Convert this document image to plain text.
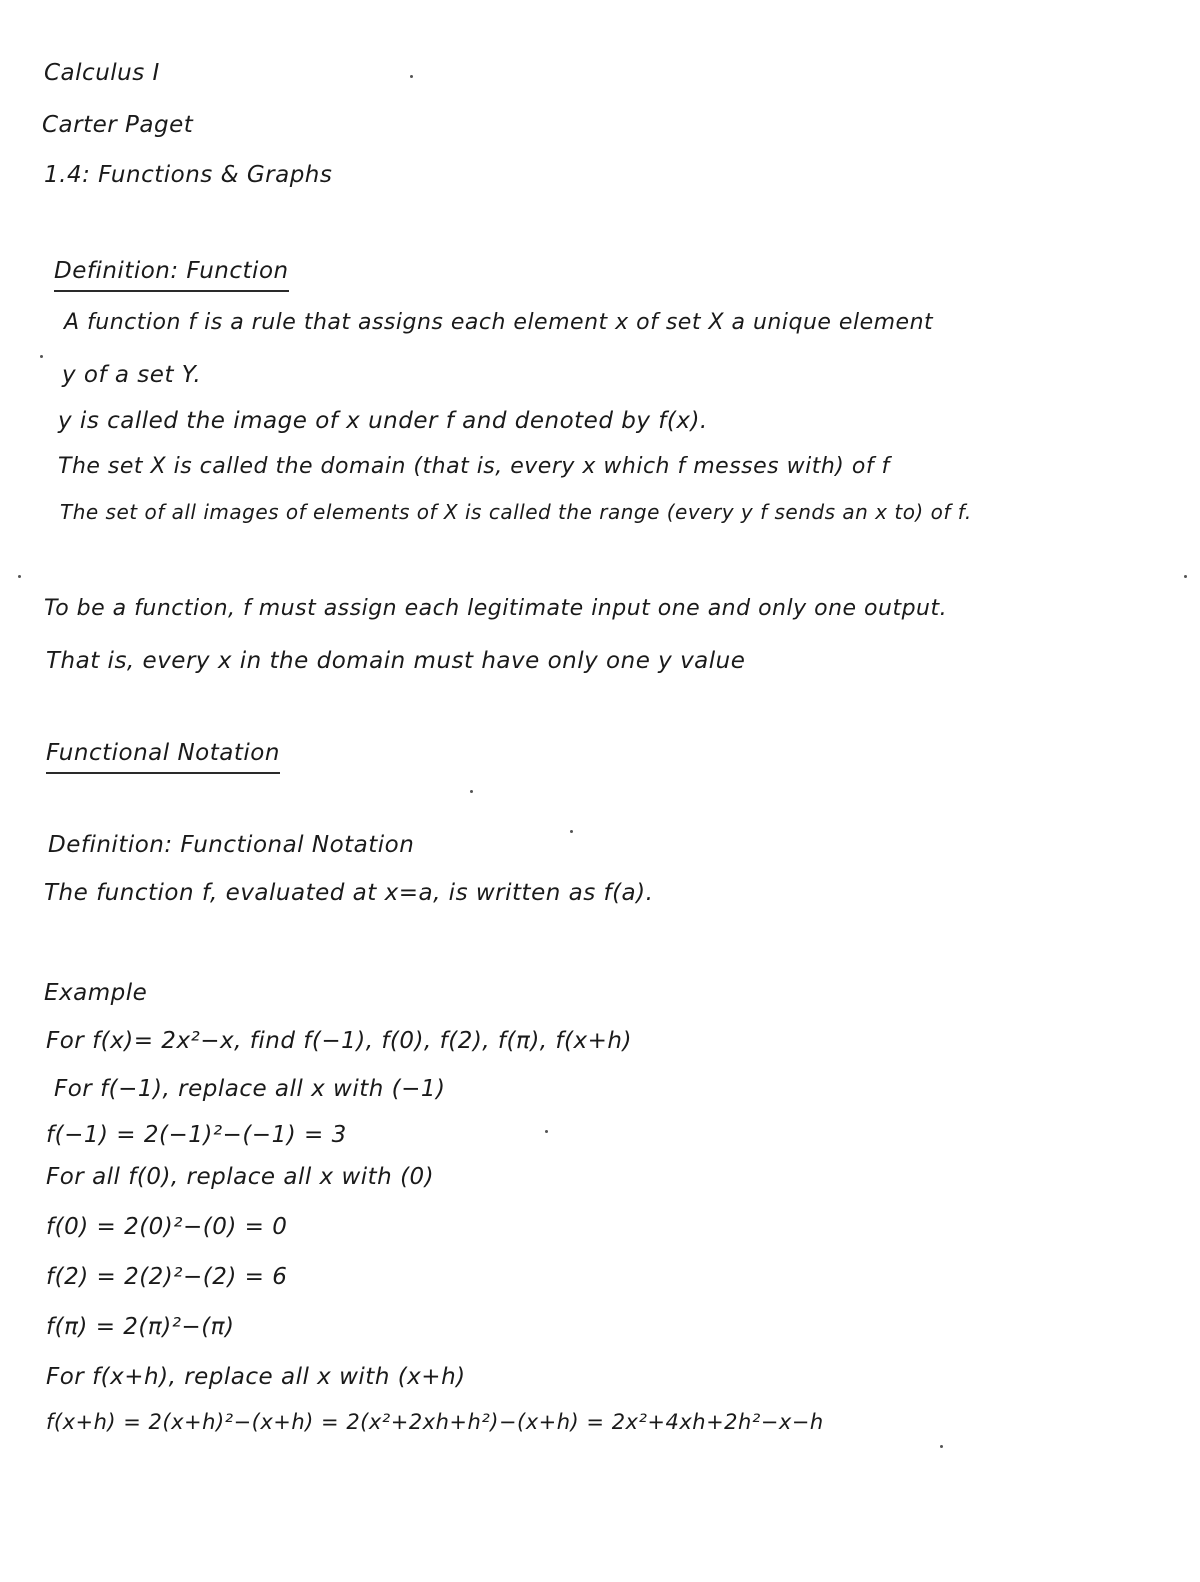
Calculus I
Carter Paget
1.4: Functions & Graphs
Definition: Function
A function f is a rule that assigns each element x of set X a unique element
y of a set Y.
y is called the image of x under f and denoted by f(x).
The set X is called the domain (that is, every x which f messes with) of f
The set of all images of elements of X is called the range (every y f sends an x to) of f.
To be a function, f must assign each legitimate input one and only one output.
That is, every x in the domain must have only one y value
Functional Notation
Definition: Functional Notation
The function f, evaluated at x=a, is written as f(a).
Example
For f(x)= 2x²−x, find f(−1), f(0), f(2), f(π), f(x+h)
For f(−1), replace all x with (−1)
f(−1) = 2(−1)²−(−1) = 3
For all f(0), replace all x with (0)
f(0) = 2(0)²−(0) = 0
f(2) = 2(2)²−(2) = 6
f(π) = 2(π)²−(π)
For f(x+h), replace all x with (x+h)
f(x+h) = 2(x+h)²−(x+h) = 2(x²+2xh+h²)−(x+h) = 2x²+4xh+2h²−x−h
